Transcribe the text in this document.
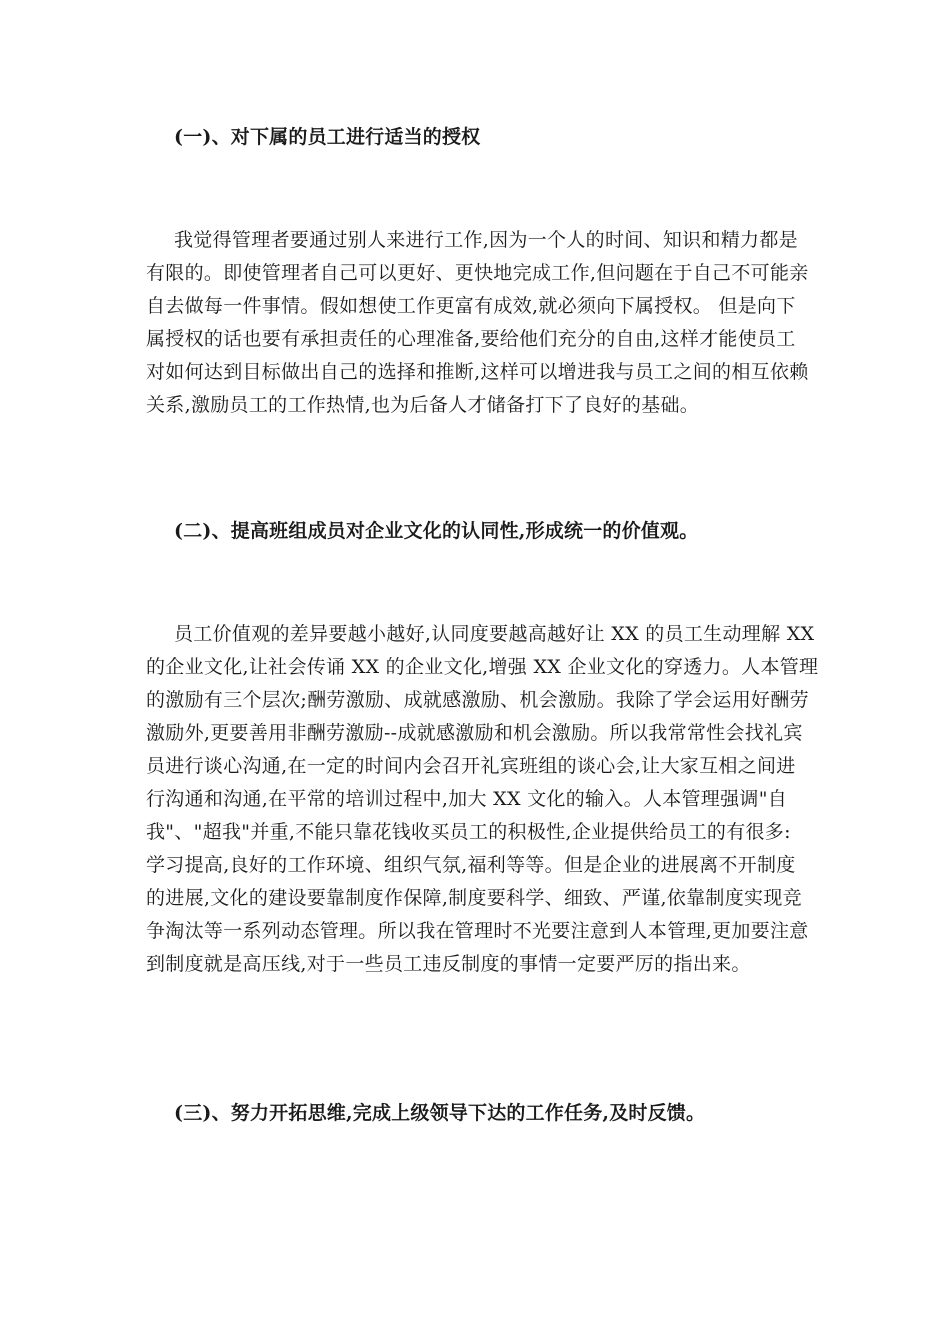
(一)、对下属的员工进行适当的授权

我觉得管理者要通过别人来进行工作,因为一个人的时间、知识和精力都是
有限的。即使管理者自己可以更好、更快地完成工作,但问题在于自己不可能亲
自去做每一件事情。假如想使工作更富有成效,就必须向下属授权。 但是向下
属授权的话也要有承担责任的心理准备,要给他们充分的自由,这样才能使员工
对如何达到目标做出自己的选择和推断,这样可以增进我与员工之间的相互依赖
关系,激励员工的工作热情,也为后备人才储备打下了良好的基础。

(二)、提高班组成员对企业文化的认同性,形成统一的价值观。

员工价值观的差异要越小越好,认同度要越高越好让 XX 的员工生动理解 XX
的企业文化,让社会传诵 XX 的企业文化,增强 XX 企业文化的穿透力。人本管理
的激励有三个层次;酬劳激励、成就感激励、机会激励。我除了学会运用好酬劳
激励外,更要善用非酬劳激励--成就感激励和机会激励。所以我常常性会找礼宾
员进行谈心沟通,在一定的时间内会召开礼宾班组的谈心会,让大家互相之间进
行沟通和沟通,在平常的培训过程中,加大 XX 文化的输入。人本管理强调"自
我"、"超我"并重,不能只靠花钱收买员工的积极性,企业提供给员工的有很多:
学习提高,良好的工作环境、组织气氛,福利等等。但是企业的进展离不开制度
的进展,文化的建设要靠制度作保障,制度要科学、细致、严谨,依靠制度实现竞
争淘汰等一系列动态管理。所以我在管理时不光要注意到人本管理,更加要注意
到制度就是高压线,对于一些员工违反制度的事情一定要严厉的指出来。

(三)、努力开拓思维,完成上级领导下达的工作任务,及时反馈。
